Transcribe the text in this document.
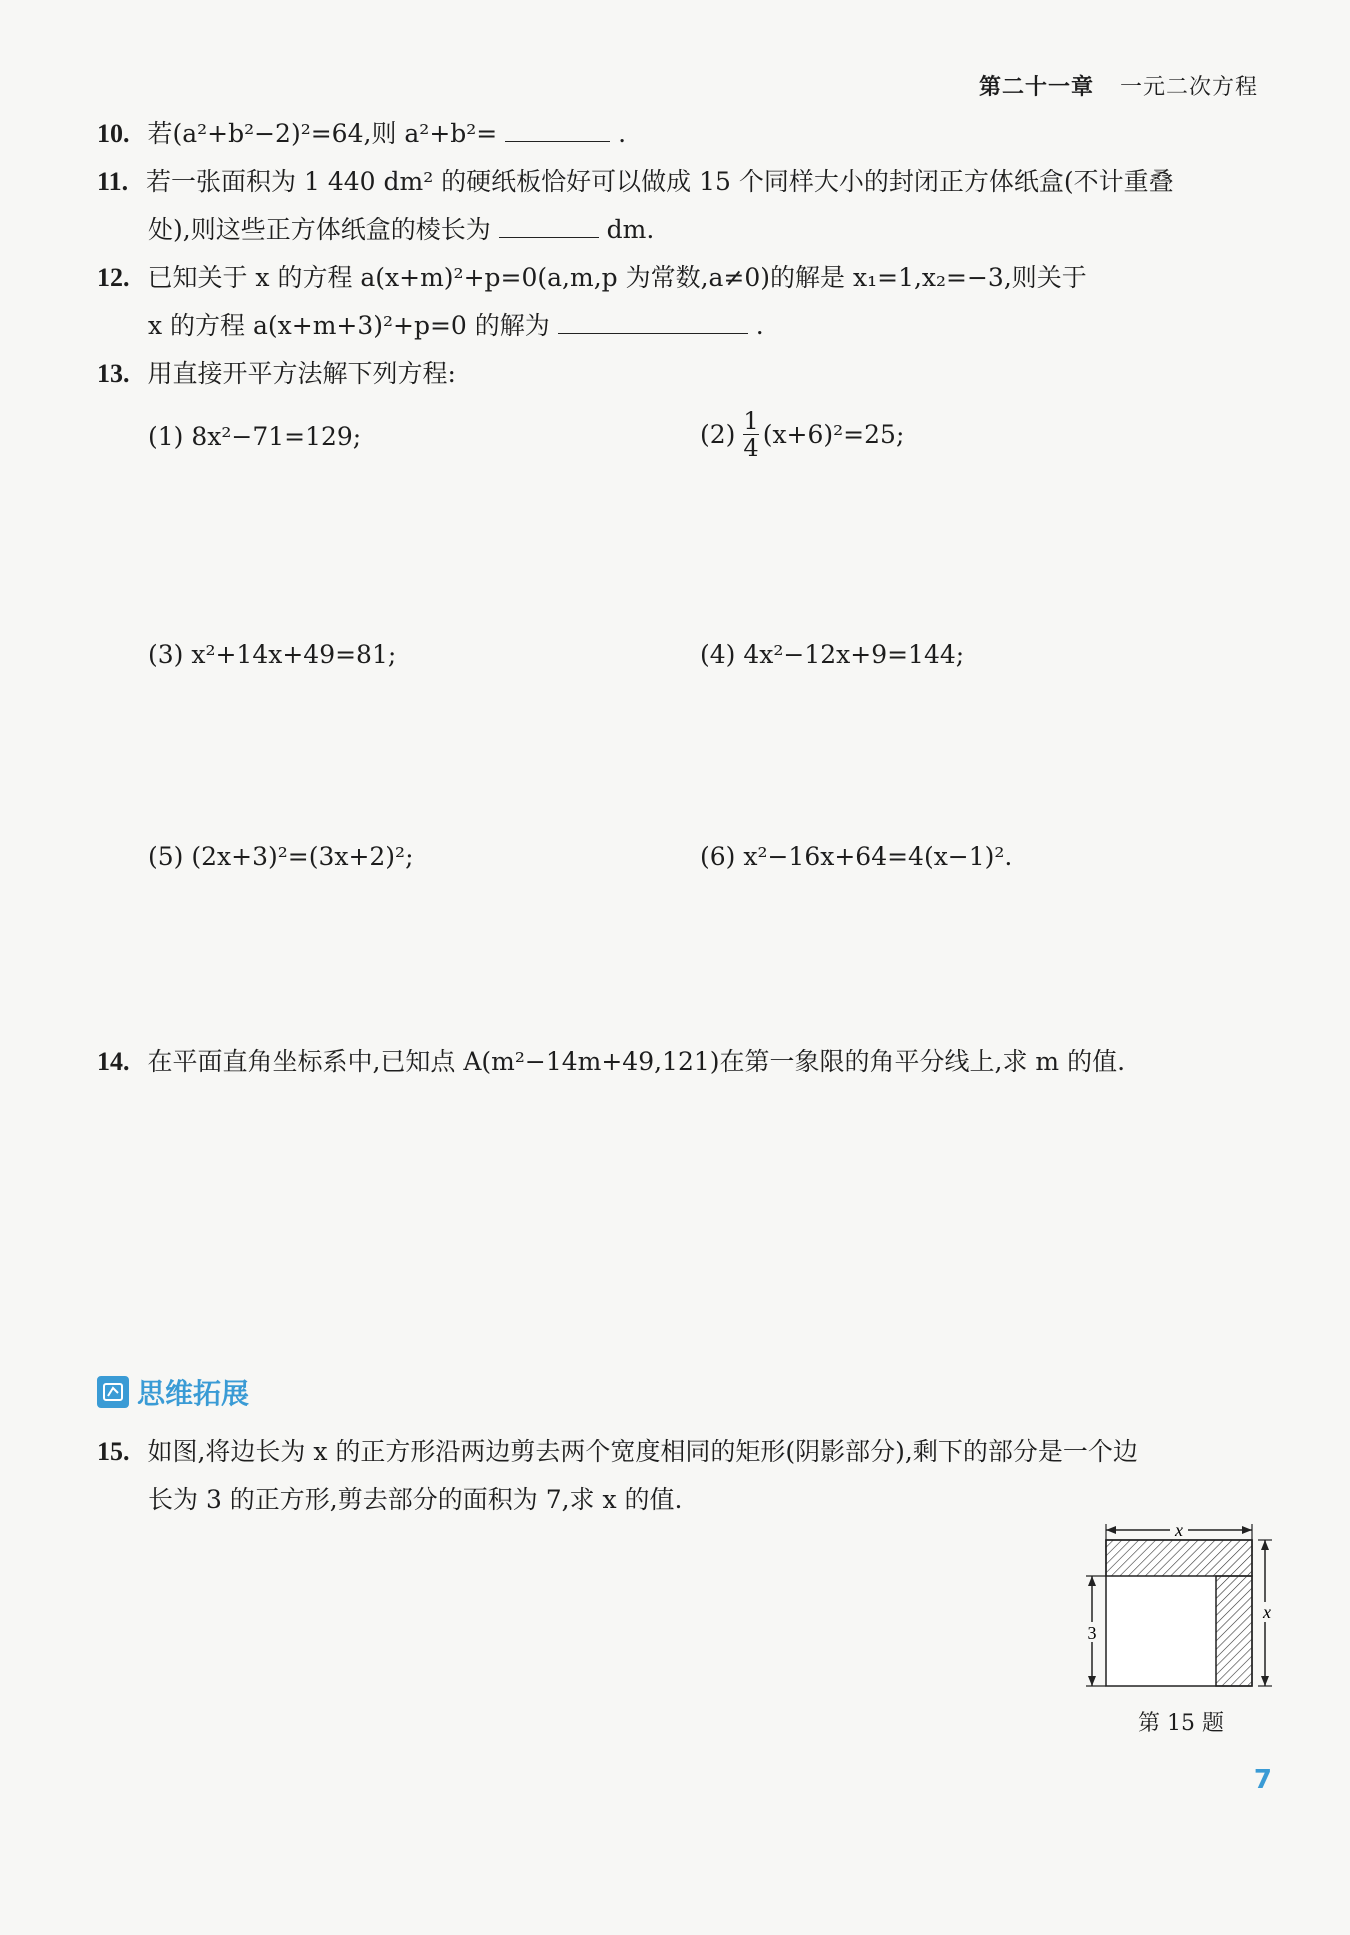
第二十一章 一元二次方程
10. 若(a²+b²−2)²=64,则 a²+b²=	.
11. 若一张面积为 1 440 dm² 的硬纸板恰好可以做成 15 个同样大小的封闭正方体纸盒(不计重叠
处),则这些正方体纸盒的棱长为	dm.
12. 已知关于 x 的方程 a(x+m)²+p=0(a,m,p 为常数,a≠0)的解是 x₁=1,x₂=−3,则关于
x 的方程 a(x+m+3)²+p=0 的解为	.
13. 用直接开平方法解下列方程:
(1) 8x²−71=129;	$(2) \frac{1}{4} (x+6)^2=25$;
(3) x²+14x+49=81;	(4) 4x²−12x+9=144;
(5) (2x+3)²=(3x+2)²;	(6) x²−16x+64=4(x−1)².
14. 在平面直角坐标系中,已知点 A(m²−14m+49,121)在第一象限的角平分线上,求 m 的值.
思维拓展
15. 如图,将边长为 x 的正方形沿两边剪去两个宽度相同的矩形(阴影部分),剩下的部分是一个边
长为 3 的正方形,剪去部分的面积为 7,求 x 的值.
x
x
3
第 15 题
7
